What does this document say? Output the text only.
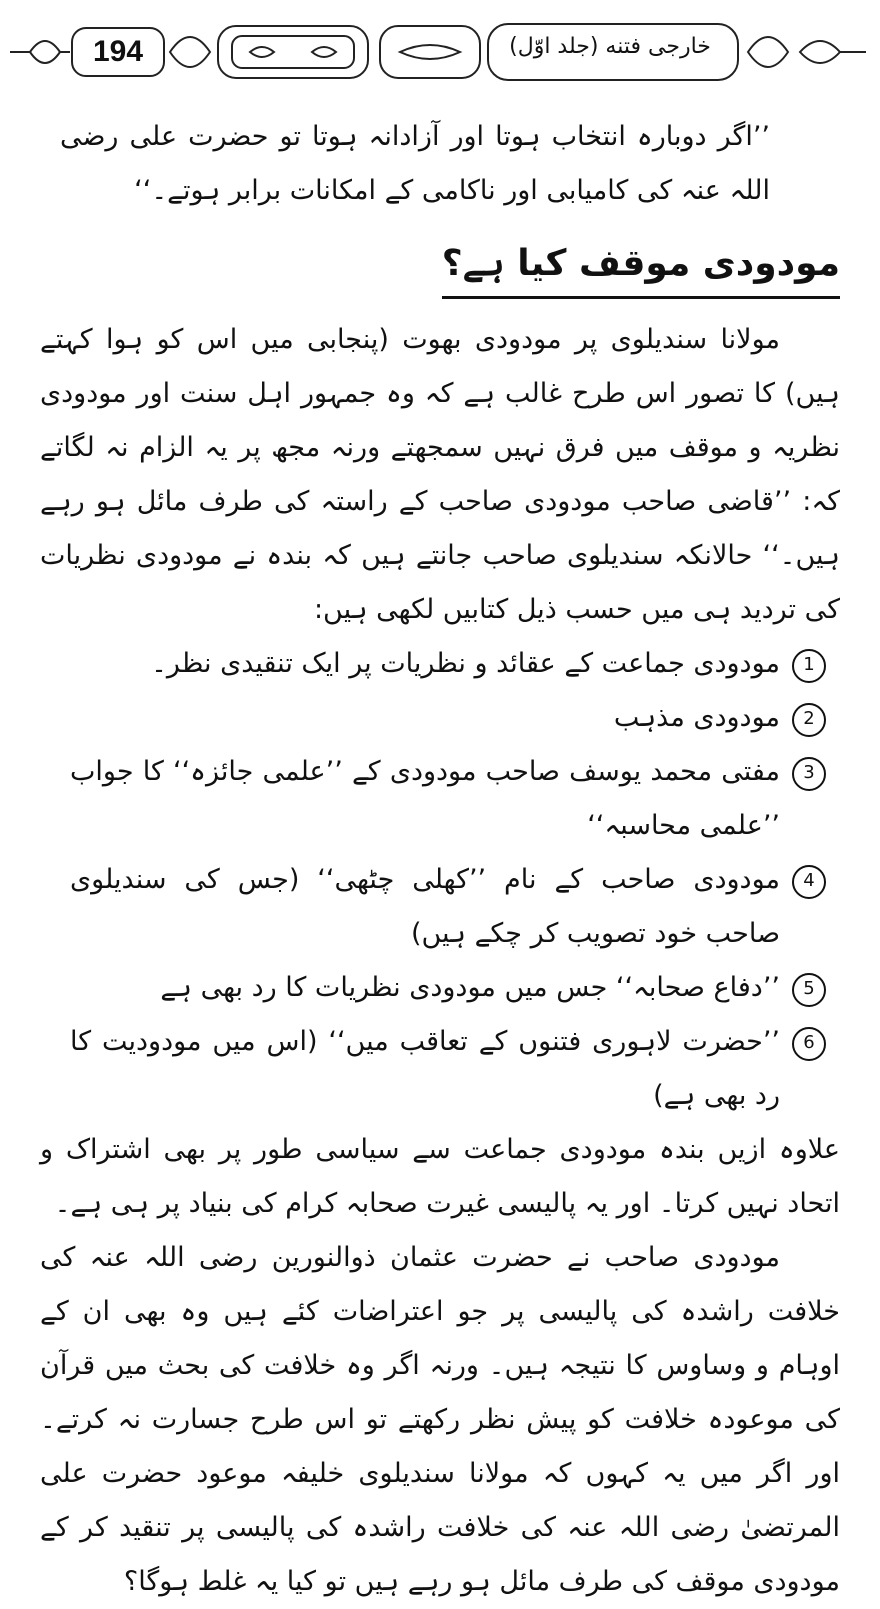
194	خارجی فتنه (جلد اوّل)

’’اگر دوبارہ انتخاب ہوتا اور آزادانہ ہوتا تو حضرت علی رضی اللہ عنہ کی کامیابی اور ناکامی کے امکانات برابر ہوتے۔‘‘

مودودی موقف کیا ہے؟

مولانا سندیلوی پر مودودی بھوت (پنجابی میں اس کو ہوا کہتے ہیں) کا تصور اس طرح غالب ہے کہ وہ جمہور اہل سنت اور مودودی نظریہ و موقف میں فرق نہیں سمجھتے ورنہ مجھ پر یہ الزام نہ لگاتے کہ: ’’قاضی صاحب مودودی صاحب کے راستہ کی طرف مائل ہو رہے ہیں۔‘‘ حالانکہ سندیلوی صاحب جانتے ہیں کہ بندہ نے مودودی نظریات کی تردید ہی میں حسب ذیل کتابیں لکھی ہیں:

1
مودودی جماعت کے عقائد و نظریات پر ایک تنقیدی نظر۔
2
مودودی مذہب
3
مفتی محمد یوسف صاحب مودودی کے ’’علمی جائزہ‘‘ کا جواب ’’علمی محاسبہ‘‘
4
مودودی صاحب کے نام ’’کھلی چٹھی‘‘ (جس کی سندیلوی صاحب خود تصویب کر چکے ہیں)
5
’’دفاع صحابہ‘‘ جس میں مودودی نظریات کا رد بھی ہے
6
’’حضرت لاہوری فتنوں کے تعاقب میں‘‘ (اس میں مودودیت کا رد بھی ہے)

علاوہ ازیں بندہ مودودی جماعت سے سیاسی طور پر بھی اشتراک و اتحاد نہیں کرتا۔ اور یہ پالیسی غیرت صحابہ کرام کی بنیاد پر ہی ہے۔

مودودی صاحب نے حضرت عثمان ذوالنورین رضی اللہ عنہ کی خلافت راشدہ کی پالیسی پر جو اعتراضات کئے ہیں وہ بھی ان کے اوہام و وساوس کا نتیجہ ہیں۔ ورنہ اگر وہ خلافت کی بحث میں قرآن کی موعودہ خلافت کو پیش نظر رکھتے تو اس طرح جسارت نہ کرتے۔ اور اگر میں یہ کہوں کہ مولانا سندیلوی خلیفہ موعود حضرت علی المرتضیٰ رضی اللہ عنہ کی خلافت راشدہ کی پالیسی پر تنقید کر کے مودودی موقف کی طرف مائل ہو رہے ہیں تو کیا یہ غلط ہوگا؟
